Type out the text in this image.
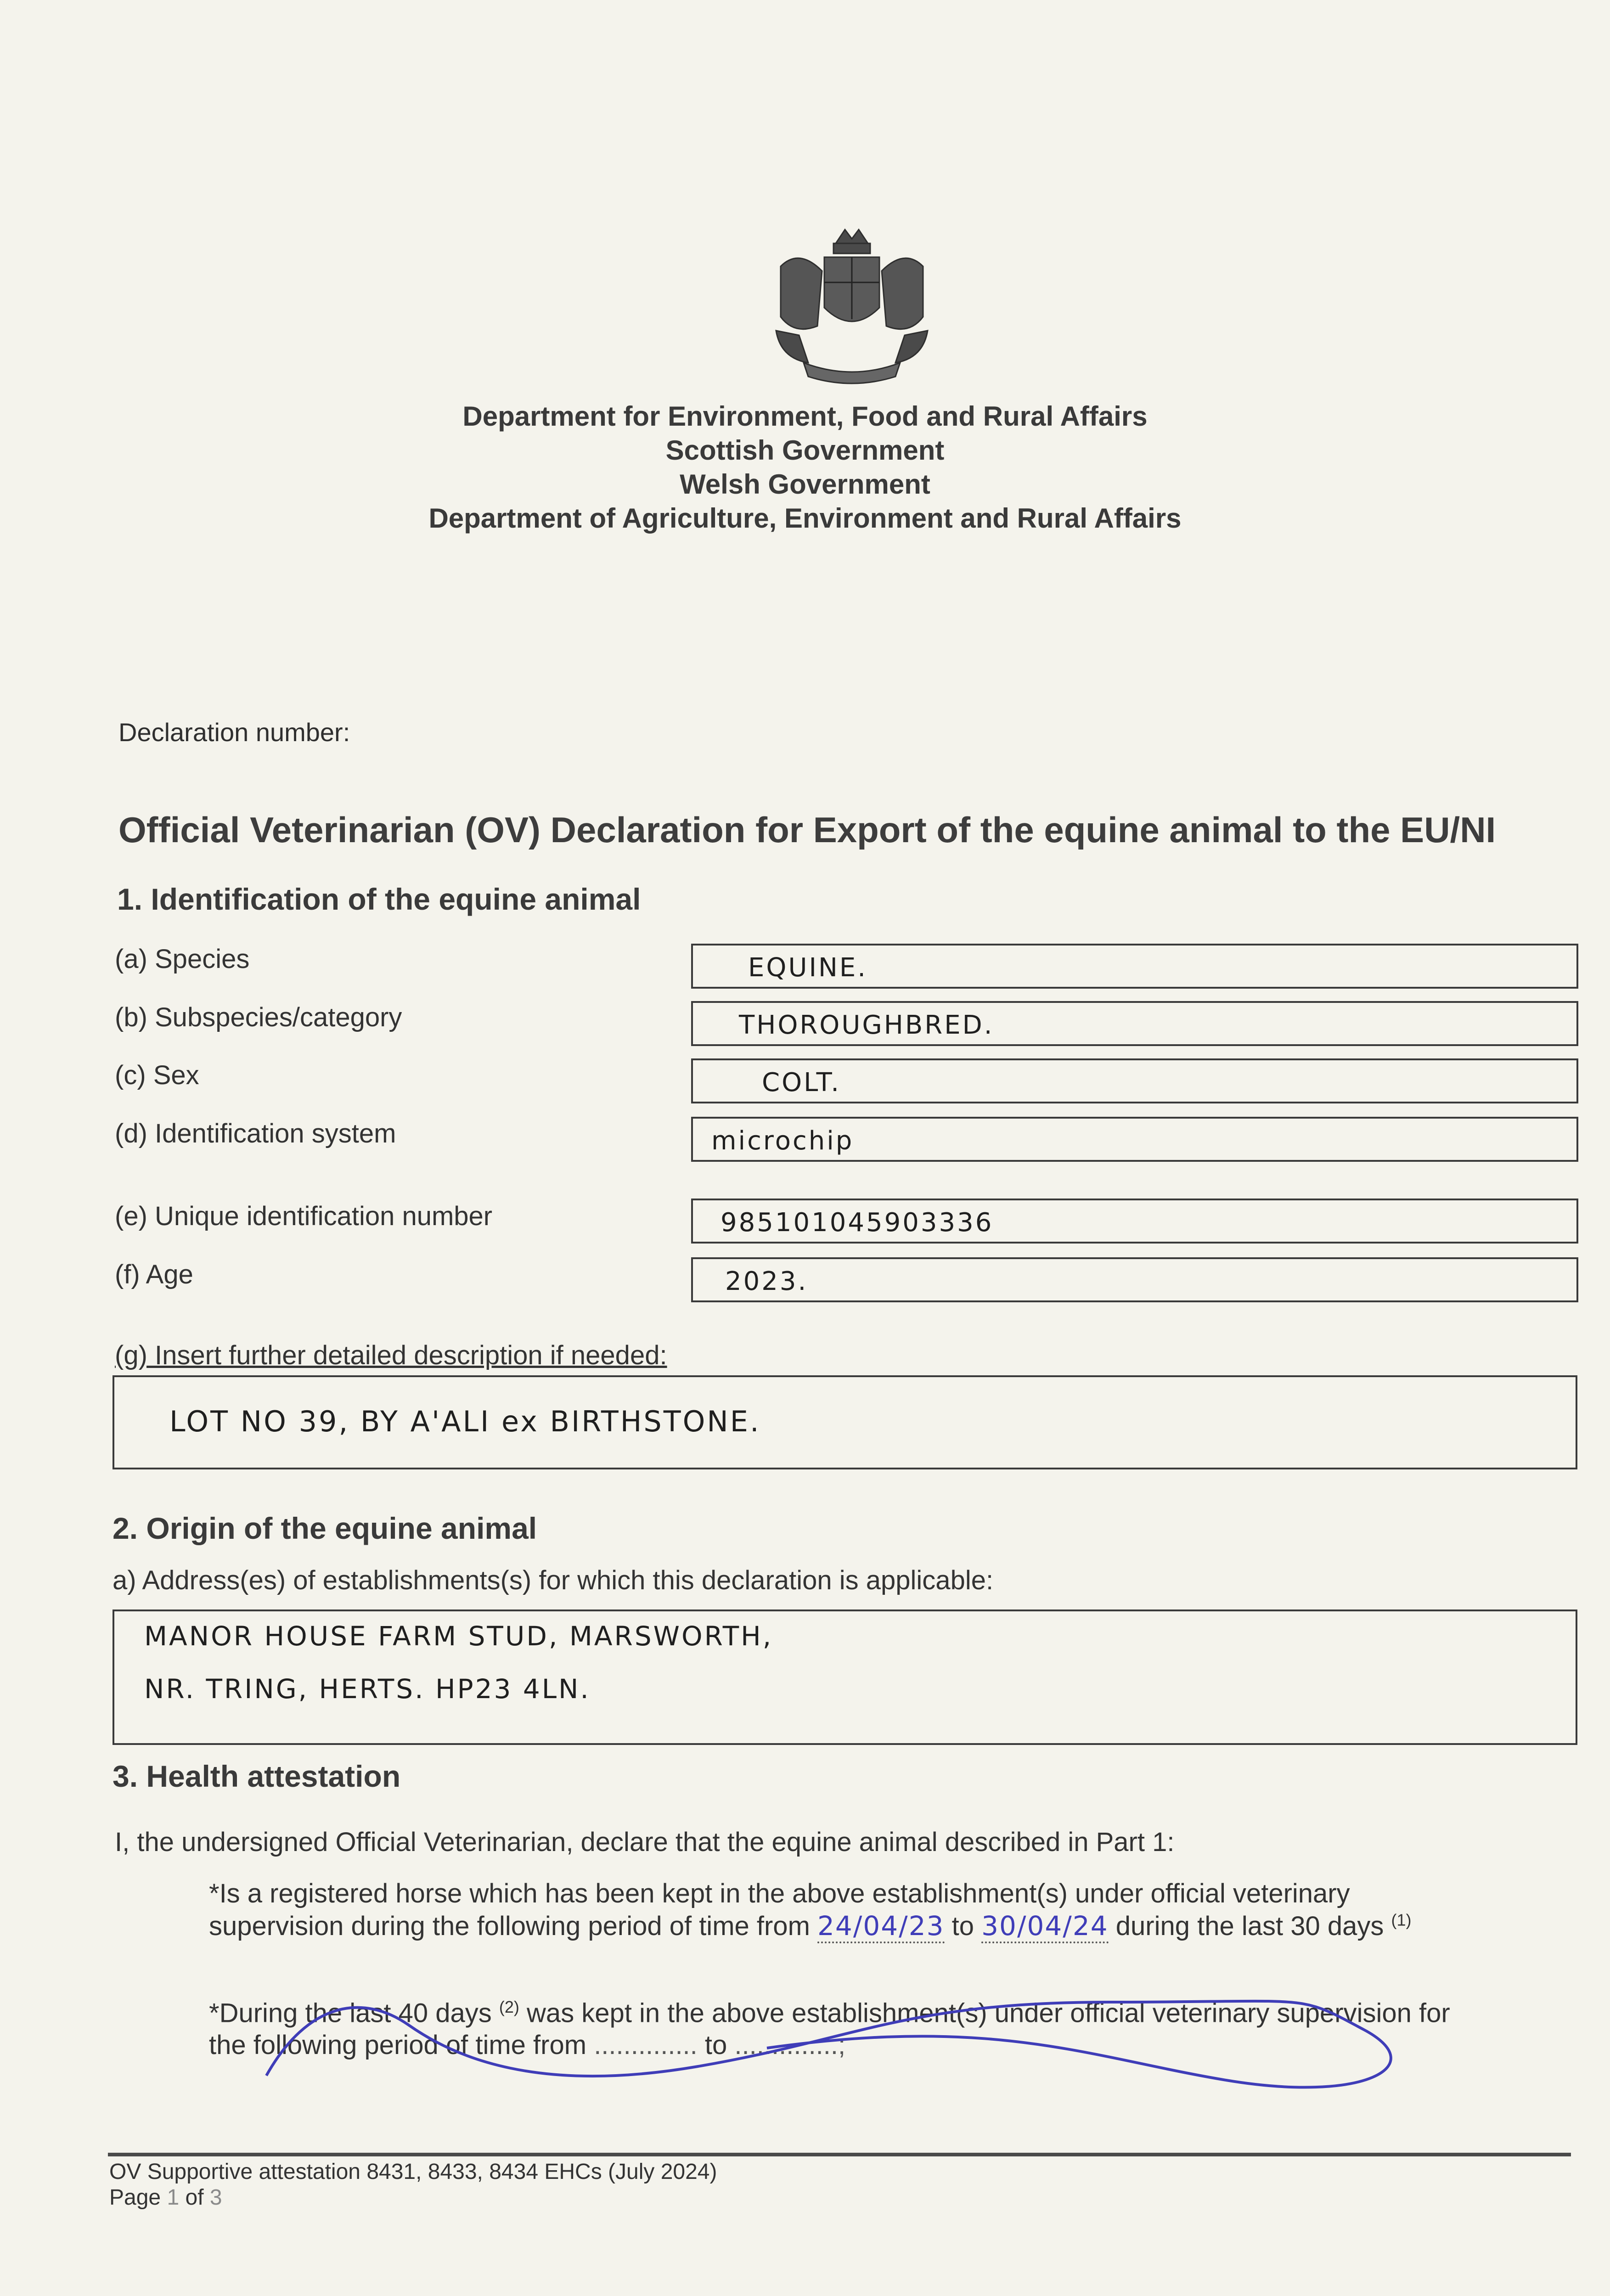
Department for Environment, Food and Rural Affairs
Scottish Government
Welsh Government
Department of Agriculture, Environment and Rural Affairs
Declaration number:
Official Veterinarian (OV) Declaration for Export of the equine animal to the EU/NI
1. Identification of the equine animal
(a) Species	EQUINE.
(b) Subspecies/category	THOROUGHBRED.
(c) Sex	COLT.
(d) Identification system	microchip
(e) Unique identification number	985101045903336
(f) Age	2023.
(g) Insert further detailed description if needed:
LOT NO 39, BY A'ALI ex BIRTHSTONE.
2. Origin of the equine animal
a) Address(es) of establishments(s) for which this declaration is applicable:
MANOR HOUSE FARM STUD, MARSWORTH,
NR. TRING, HERTS. HP23 4LN.
3. Health attestation
I, the undersigned Official Veterinarian, declare that the equine animal described in Part 1:
*Is a registered horse which has been kept in the above establishment(s) under official veterinary
supervision during the following period of time from 24/04/23 to 30/04/24 during the last 30 days $^{(1)}$
*During the last 40 days $^{(2)}$ was kept in the above establishment(s) under official veterinary supervision for
the following period of time from .............. to ..............;
OV Supportive attestation 8431, 8433, 8434 EHCs (July 2024)
Page 1 of 3
